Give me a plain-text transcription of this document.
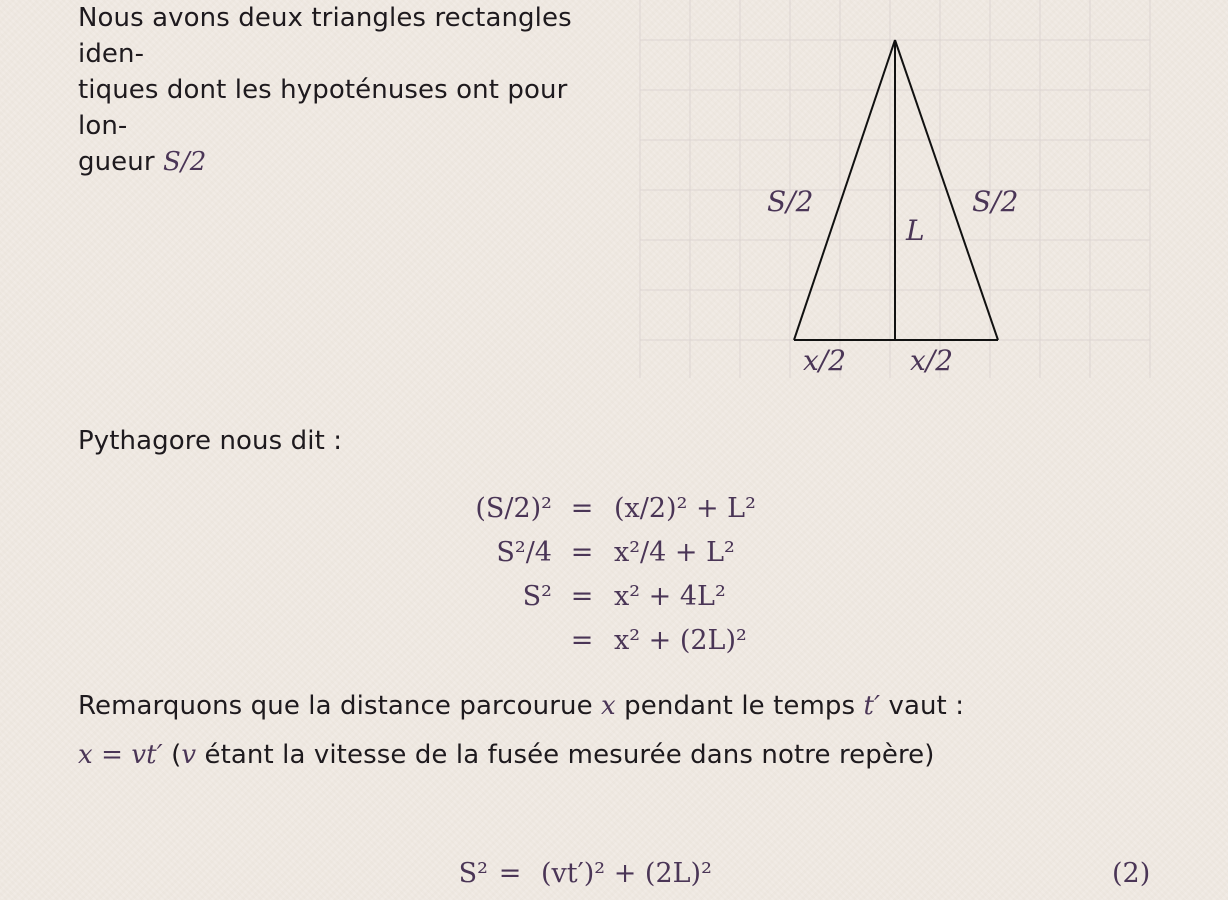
Nous avons deux triangles rectangles iden-
tiques dont les hypoténuses ont pour lon-
gueur S/2
S/2	S/2
L
x/2 x/2
Pythagore nous dit :
(S/2)² = (x/2)² + L²
S²/4 = x²/4 + L²
S² = x² + 4L²
= x² + (2L)²
Remarquons que la distance parcourue x pendant le temps t′ vaut :
x = vt′ (v étant la vitesse de la fusée mesurée dans notre repère)
S² = (vt′)² + (2L)²	(2)
